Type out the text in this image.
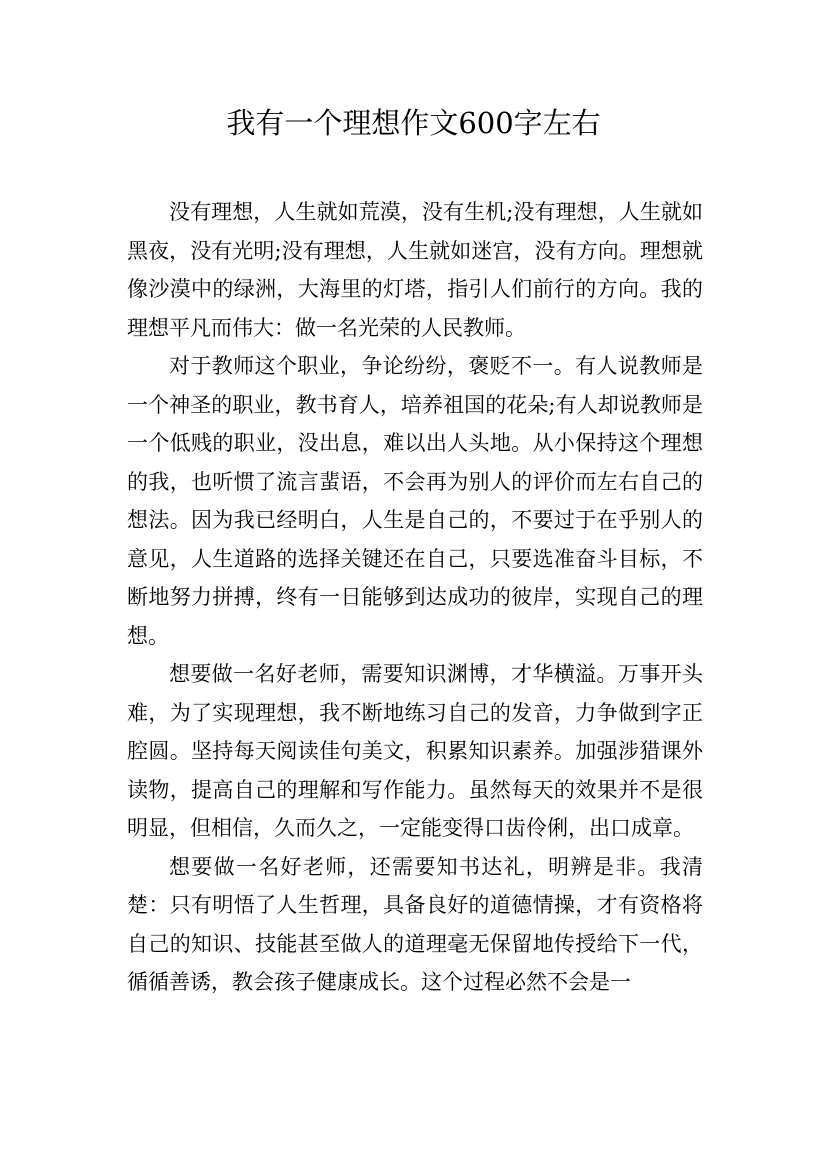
我有一个理想作文600字左右

没有理想，人生就如荒漠，没有生机;没有理想，人生就如黑夜，没有光明;没有理想，人生就如迷宫，没有方向。理想就像沙漠中的绿洲，大海里的灯塔，指引人们前行的方向。我的理想平凡而伟大：做一名光荣的人民教师。

对于教师这个职业，争论纷纷，褒贬不一。有人说教师是一个神圣的职业，教书育人，培养祖国的花朵;有人却说教师是一个低贱的职业，没出息，难以出人头地。从小保持这个理想的我，也听惯了流言蜚语，不会再为别人的评价而左右自己的想法。因为我已经明白，人生是自己的，不要过于在乎别人的意见，人生道路的选择关键还在自己，只要选准奋斗目标，不断地努力拼搏，终有一日能够到达成功的彼岸，实现自己的理想。

想要做一名好老师，需要知识渊博，才华横溢。万事开头难，为了实现理想，我不断地练习自己的发音，力争做到字正腔圆。坚持每天阅读佳句美文，积累知识素养。加强涉猎课外读物，提高自己的理解和写作能力。虽然每天的效果并不是很明显，但相信，久而久之，一定能变得口齿伶俐，出口成章。

想要做一名好老师，还需要知书达礼，明辨是非。我清楚：只有明悟了人生哲理，具备良好的道德情操，才有资格将自己的知识、技能甚至做人的道理毫无保留地传授给下一代，循循善诱，教会孩子健康成长。这个过程必然不会是一
